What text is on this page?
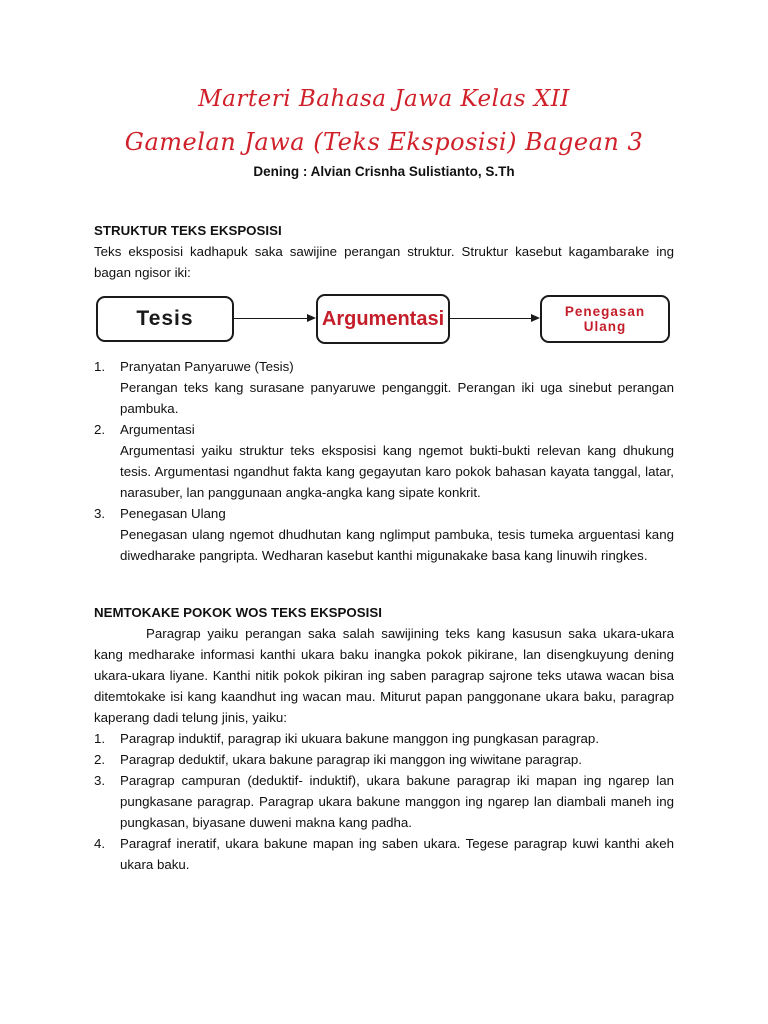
Marteri Bahasa Jawa Kelas XII
Gamelan Jawa (Teks Eksposisi) Bagean 3
Dening : Alvian Crisnha Sulistianto, S.Th
STRUKTUR TEKS EKSPOSISI
Teks eksposisi kadhapuk saka sawijine perangan struktur. Struktur kasebut kagambarake ing bagan ngisor iki:
Tesis	Argumentasi	Penegasan
Ulang
1.	Pranyatan Panyaruwe (Tesis)
Perangan teks kang surasane panyaruwe penganggit. Perangan iki uga sinebut perangan pambuka.
2.	Argumentasi
Argumentasi yaiku struktur teks eksposisi kang ngemot bukti-bukti relevan kang dhukung tesis. Argumentasi ngandhut fakta kang gegayutan karo pokok bahasan kayata tanggal, latar, narasuber, lan panggunaan angka-angka kang sipate konkrit.
3.	Penegasan Ulang
Penegasan ulang ngemot dhudhutan kang nglimput pambuka, tesis tumeka arguentasi kang diwedharake pangripta. Wedharan kasebut kanthi migunakake basa kang linuwih ringkes.
NEMTOKAKE POKOK WOS TEKS EKSPOSISI
Paragrap yaiku perangan saka salah sawijining teks kang kasusun saka ukara-ukara kang medharake informasi kanthi ukara baku inangka pokok pikirane, lan disengkuyung dening ukara-ukara liyane. Kanthi nitik pokok pikiran ing saben paragrap sajrone teks utawa wacan bisa ditemtokake isi kang kaandhut ing wacan mau. Miturut papan panggonane ukara baku, paragrap kaperang dadi telung jinis, yaiku:
1.	Paragrap induktif, paragrap iki ukuara bakune manggon ing pungkasan paragrap.
2.	Paragrap deduktif, ukara bakune paragrap iki manggon ing wiwitane paragrap.
3.	Paragrap campuran (deduktif- induktif), ukara bakune paragrap iki mapan ing ngarep lan pungkasane paragrap. Paragrap ukara bakune manggon ing ngarep lan diambali maneh ing pungkasan, biyasane duweni makna kang padha.
4.	Paragraf ineratif, ukara bakune mapan ing saben ukara. Tegese paragrap kuwi kanthi akeh ukara baku.
